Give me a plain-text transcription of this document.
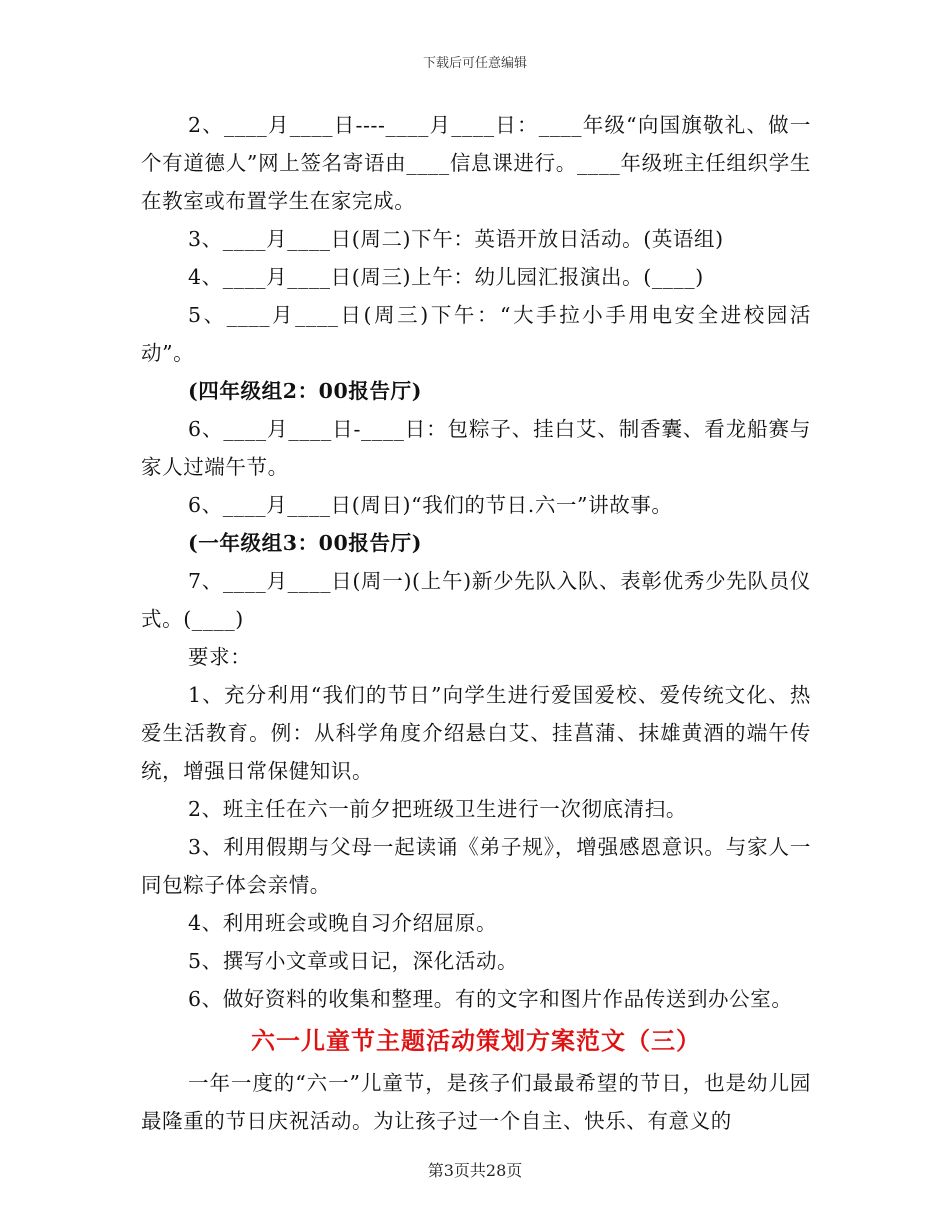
下载后可任意编辑

2、____月____日----____月____日：____年级“向国旗敬礼、做一个有道德人”网上签名寄语由____信息课进行。____年级班主任组织学生在教室或布置学生在家完成。

3、____月____日(周二)下午：英语开放日活动。(英语组)

4、____月____日(周三)上午：幼儿园汇报演出。(____)

5、____月____日(周三)下午：“大手拉小手用电安全进校园活动”。

(四年级组2：00报告厅)

6、____月____日-____日：包粽子、挂白艾、制香囊、看龙船赛与家人过端午节。

6、____月____日(周日)“我们的节日.六一”讲故事。

(一年级组3：00报告厅)

7、____月____日(周一)(上午)新少先队入队、表彰优秀少先队员仪式。(____)

要求：

1、充分利用“我们的节日”向学生进行爱国爱校、爱传统文化、热爱生活教育。例：从科学角度介绍悬白艾、挂菖蒲、抹雄黄酒的端午传统，增强日常保健知识。

2、班主任在六一前夕把班级卫生进行一次彻底清扫。

3、利用假期与父母一起读诵《弟子规》，增强感恩意识。与家人一同包粽子体会亲情。

4、利用班会或晚自习介绍屈原。

5、撰写小文章或日记，深化活动。

6、做好资料的收集和整理。有的文字和图片作品传送到办公室。

六一儿童节主题活动策划方案范文（三）

一年一度的“六一”儿童节，是孩子们最最希望的节日，也是幼儿园最隆重的节日庆祝活动。为让孩子过一个自主、快乐、有意义的

第3页共28页
